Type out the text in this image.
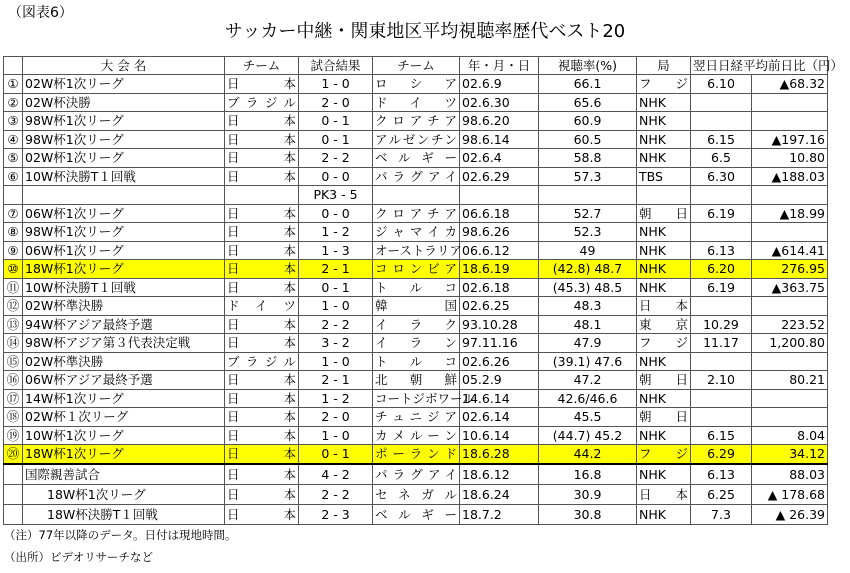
（図表6）
サッカー中継・関東地区平均視聴率歴代ベスト20
	大 会 名	チーム	試合結果	チーム	年・月・日	視聴率(%)	局	翌日日経平均前日比（円）	
①	02W杯1次リーグ	日本	1 - 0	ロシア	02.6.9	66.1	フジ	6.10	▲68.32
②	02W杯決勝	ブラジル	2 - 0	ドイツ	02.6.30	65.6	NHK		
③	98W杯1次リーグ	日本	0 - 1	クロアチア	98.6.20	60.9	NHK		
④	98W杯1次リーグ	日本	0 - 1	アルゼンチン	98.6.14	60.5	NHK	6.15	▲197.16
⑤	02W杯1次リーグ	日本	2 - 2	ベルギー	02.6.4	58.8	NHK	6.5	10.80
⑥	10W杯決勝T１回戦	日本	0 - 0	パラグアイ	02.6.29	57.3	TBS	6.30	▲188.03
			PK3 - 5						
⑦	06W杯1次リーグ	日本	0 - 0	クロアチア	06.6.18	52.7	朝日	6.19	▲18.99
⑧	98W杯1次リーグ	日本	1 - 2	ジャマイカ	98.6.26	52.3	NHK		
⑨	06W杯1次リーグ	日本	1 - 3	オーストラリア	06.6.12	49	NHK	6.13	▲614.41
⑩	18W杯1次リーグ	日本	2 - 1	コロンビア	18.6.19	(42.8) 48.7	NHK	6.20	276.95
⑪	10W杯決勝T１回戦	日本	0 - 1	トルコ	02.6.18	(45.3) 48.5	NHK	6.19	▲363.75
⑫	02W杯準決勝	ドイツ	1 - 0	韓国	02.6.25	48.3	日本		
⑬	94W杯アジア最終予選	日本	2 - 2	イラク	93.10.28	48.1	東京	10.29	223.52
⑭	98W杯アジア第３代表決定戦	日本	3 - 2	イラン	97.11.16	47.9	フジ	11.17	1,200.80
⑮	02W杯準決勝	ブラジル	1 - 0	トルコ	02.6.26	(39.1) 47.6	NHK		
⑯	06W杯アジア最終予選	日本	2 - 1	北朝鮮	05.2.9	47.2	朝日	2.10	80.21
⑰	14W杯1次リーグ	日本	1 - 2	コートジボワール	14.6.14	42.6/46.6	NHK		
⑱	02W杯１次リーグ	日本	2 - 0	チュニジア	02.6.14	45.5	朝日		
⑲	10W杯1次リーグ	日本	1 - 0	カメルーン	10.6.14	(44.7) 45.2	NHK	6.15	8.04
⑳	18W杯1次リーグ	日本	0 - 1	ポーランド	18.6.28	44.2	フジ	6.29	34.12
	国際親善試合	日本	4 - 2	パラグアイ	18.6.12	16.8	NHK	6.13	88.03
	18W杯1次リーグ	日本	2 - 2	セネガル	18.6.24	30.9	日本	6.25	▲ 178.68
	18W杯決勝T１回戦	日本	2 - 3	ベルギー	18.7.2	30.8	NHK	7.3	▲ 26.39
（注）77年以降のデータ。日付は現地時間。
（出所）ビデオリサーチなど
